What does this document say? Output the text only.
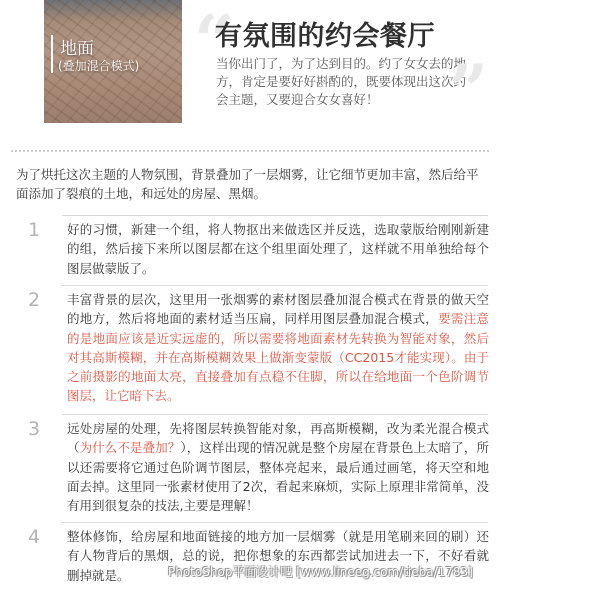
地面
(叠加混合模式) “
有氛围的约会餐厅
当你出门了，为了达到目的。约了女女去的地方，肯定是要好好斟酌的，既要体现出这次约会主题，又要迎合女女喜好！ ”
为了烘托这次主题的人物氛围，背景叠加了一层烟雾，让它细节更加丰富，然后给平面添加了裂痕的土地，和远处的房屋、黑烟。
1 好的习惯，新建一个组，将人物抠出来做选区并反选，选取蒙版给刚刚新建的组，然后接下来所以图层都在这个组里面处理了，这样就不用单独给每个图层做蒙版了。
2 丰富背景的层次，这里用一张烟雾的素材图层叠加混合模式在背景的做天空的地方，然后将地面的素材适当压扁，同样用图层叠加混合模式，要需注意的是地面应该是近实远虚的，所以需要将地面素材先转换为智能对象，然后对其高斯模糊，并在高斯模糊效果上做渐变蒙版（CC2015才能实现）。由于之前摄影的地面太亮，直接叠加有点稳不住脚，所以在给地面一个色阶调节图层，让它暗下去。
3 远处房屋的处理，先将图层转换智能对象，再高斯模糊，改为柔光混合模式（为什么不是叠加？），这样出现的情况就是整个房屋在背景色上太暗了，所以还需要将它通过色阶调节图层，整体亮起来，最后通过画笔，将天空和地面去掉。这里同一张素材使用了2次，看起来麻烦，实际上原理非常简单，没有用到很复杂的技法,主要是理解！
4 整体修饰，给房屋和地面链接的地方加一层烟雾（就是用笔刷来回的刷）还有人物背后的黑烟，总的说，把你想象的东西都尝试加进去一下，不好看就删掉就是。	PhotoShop平面设计吧 [www.lineeg.com/tieba/1783]
